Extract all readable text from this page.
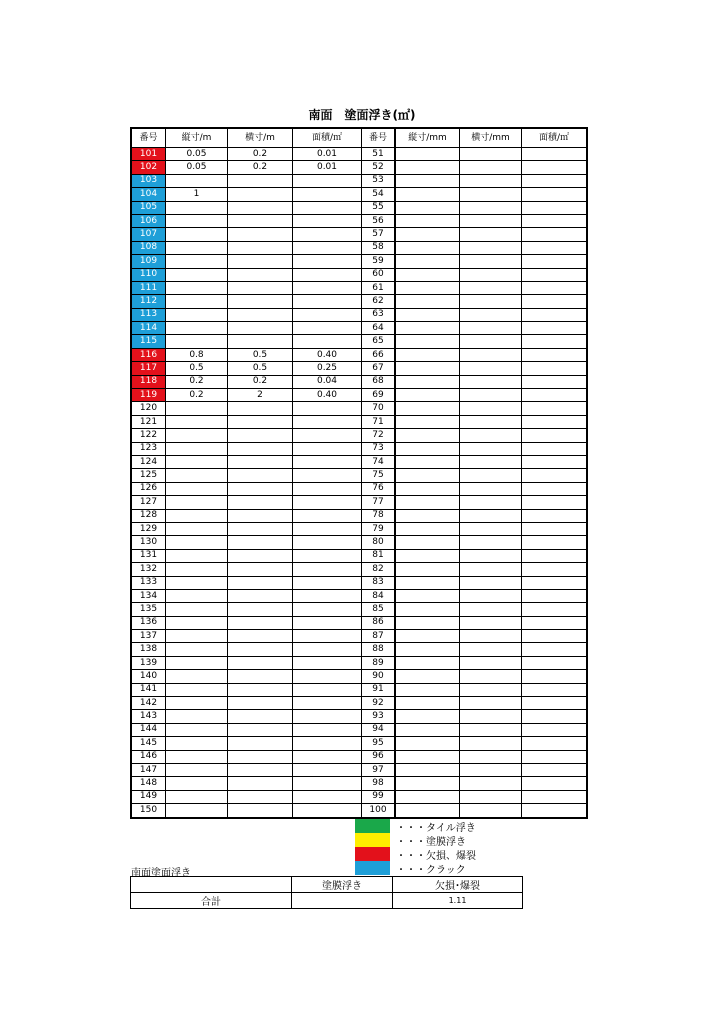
南面　塗面浮き(㎡)
番号	縦寸/m	横寸/m	面積/㎡	番号	縦寸/mm	横寸/mm	面積/㎡
101	0.05	0.2	0.01	51			
102	0.05	0.2	0.01	52			
103				53			
104	1			54			
105				55			
106				56			
107				57			
108				58			
109				59			
110				60			
111				61			
112				62			
113				63			
114				64			
115				65			
116	0.8	0.5	0.40	66			
117	0.5	0.5	0.25	67			
118	0.2	0.2	0.04	68			
119	0.2	2	0.40	69			
120				70			
121				71			
122				72			
123				73			
124				74			
125				75			
126				76			
127				77			
128				78			
129				79			
130				80			
131				81			
132				82			
133				83			
134				84			
135				85			
136				86			
137				87			
138				88			
139				89			
140				90			
141				91			
142				92			
143				93			
144				94			
145				95			
146				96			
147				97			
148				98			
149				99			
150				100			
・・・タイル浮き
・・・塗膜浮き
・・・欠損、爆裂
・・・クラック
南面塗面浮き
	塗膜浮き	欠損･爆裂
合計		1.11
